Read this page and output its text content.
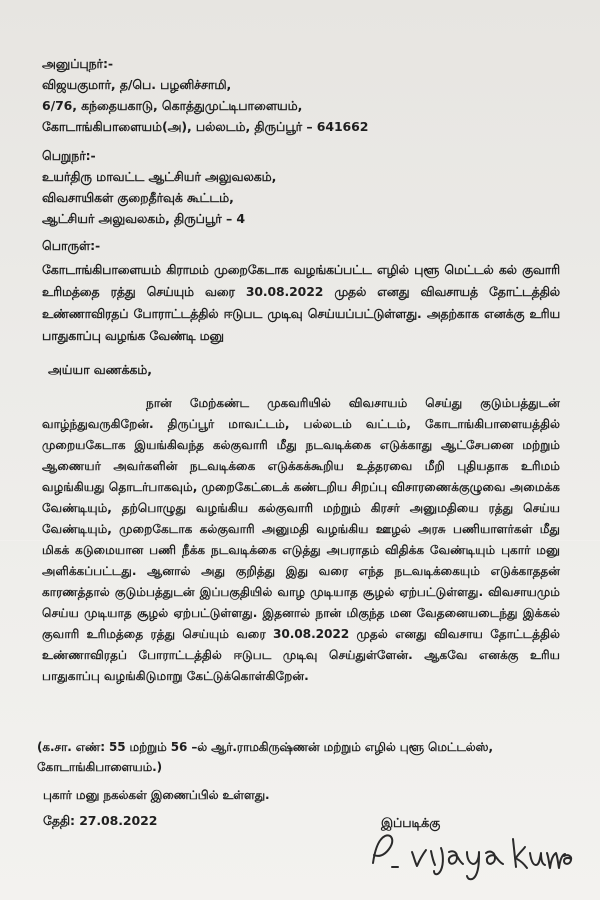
அனுப்புநர்:-
விஜயகுமார், த/பெ. பழனிச்சாமி,
6/76, கந்தையகாடு, கொத்துமுட்டிபாளையம்,
கோடாங்கிபாளையம்(அ), பல்லடம், திருப்பூர் – 641662
பெறுநர்:-
உயர்திரு மாவட்ட ஆட்சியர் அலுவலகம்,
விவசாயிகள் குறைதீர்வுக் கூட்டம்,
ஆட்சியர் அலுவலகம், திருப்பூர் – 4
பொருள்:-
கோடாங்கிபாளையம் கிராமம் முறைகேடாக வழங்கப்பட்ட எழில் புளூ மெட்டல் கல் குவாரி உரிமத்தை ரத்து செய்யும் வரை 30.08.2022 முதல் எனது விவசாயத் தோட்டத்தில் உண்ணாவிரதப் போராட்டத்தில் ஈடுபட முடிவு செய்யப்பட்டுள்ளது. அதற்காக எனக்கு உரிய பாதுகாப்பு வழங்க வேண்டி மனு
அய்யா வணக்கம்,

நான் மேற்கண்ட முகவரியில் விவசாயம் செய்து குடும்பத்துடன் வாழ்ந்துவருகிறேன். திருப்பூர் மாவட்டம், பல்லடம் வட்டம், கோடாங்கிபாளையத்தில் முறையகேடாக இயங்கிவந்த கல்குவாரி மீது நடவடிக்கை எடுக்காது ஆட்சேபனை மற்றும் ஆணையர் அவர்களின் நடவடிக்கை எடுக்கக்கூறிய உத்தரவை மீறி புதியதாக உரிமம் வழங்கியது தொடர்பாகவும், முறைகேட்டைக் கண்டறிய சிறப்பு விசாரணைக்குழுவை அமைக்க வேண்டியும், தற்பொழுது வழங்கிய கல்குவாரி மற்றும் கிரசர் அனுமதியை ரத்து செய்ய வேண்டியும், முறைகேடாக கல்குவாரி அனுமதி வழங்கிய ஊழல் அரசு பணியாளர்கள் மீது மிகக் கடுமையான பணி நீக்க நடவடிக்கை எடுத்து அபராதம் விதிக்க வேண்டியும் புகார் மனு அளிக்கப்பட்டது. ஆனால் அது குறித்து இது வரை எந்த நடவடிக்கையும் எடுக்காததன் காரணத்தால் குடும்பத்துடன் இப்பகுதியில் வாழ முடியாத சூழல் ஏற்பட்டுள்ளது. விவசாயமும் செய்ய முடியாத சூழல் ஏற்பட்டுள்ளது. இதனால் நான் மிகுந்த மன வேதனையடைந்து இக்கல் குவாரி உரிமத்தை ரத்து செய்யும் வரை 30.08.2022 முதல் எனது விவசாய தோட்டத்தில் உண்ணாவிரதப் போராட்டத்தில் ஈடுபட முடிவு செய்துள்ளேன். ஆகவே எனக்கு உரிய பாதுகாப்பு வழங்கிடுமாறு கேட்டுக்கொள்கிறேன்.

(க.சா. எண்: 55 மற்றும் 56 –ல் ஆர்.ராமகிருஷ்ணன் மற்றும் எழில் புளூ மெட்டல்ஸ்,
கோடாங்கிபாளையம்.)
புகார் மனு நகல்கள் இணைப்பில் உள்ளது.
தேதி: 27.08.2022	இப்படிக்கு
